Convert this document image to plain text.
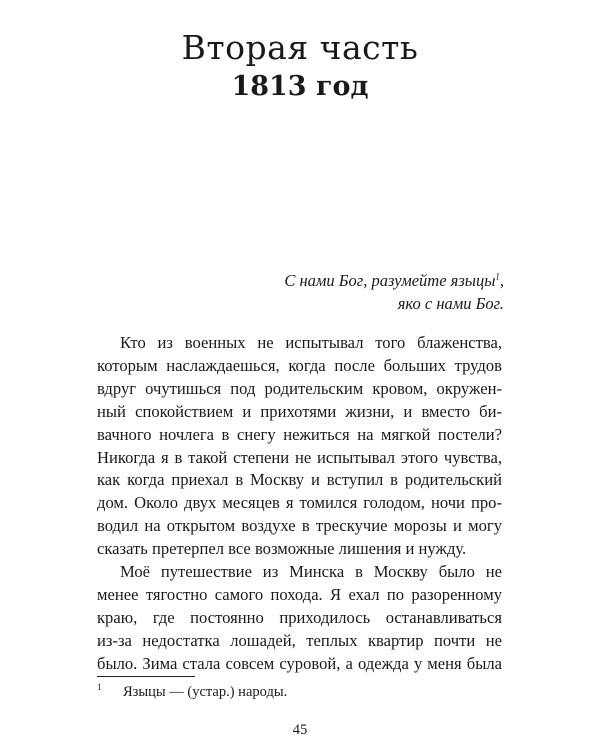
Вторая часть
1813 год
С нами Бог, разумейте языцы$^1$,
яко с нами Бог.
Кто из военных не испытывал того блаженства,
которым наслаждаешься, когда после больших трудов
вдруг очутишься под родительским кровом, окружен-
ный спокойствием и прихотями жизни, и вместо би-
вачного ночлега в снегу нежиться на мягкой постели?
Никогда я в такой степени не испытывал этого чувства,
как когда приехал в Москву и вступил в родительский
дом. Около двух месяцев я томился голодом, ночи про-
водил на открытом воздухе в трескучие морозы и могу
сказать претерпел все возможные лишения и нужду.
Моё путешествие из Минска в Москву было не
менее тягостно самого похода. Я ехал по разоренному
краю, где постоянно приходилось останавливаться
из-за недостатка лошадей, теплых квартир почти не
было. Зима стала совсем суровой, а одежда у меня была
1 Языцы — (устар.) народы.
45
